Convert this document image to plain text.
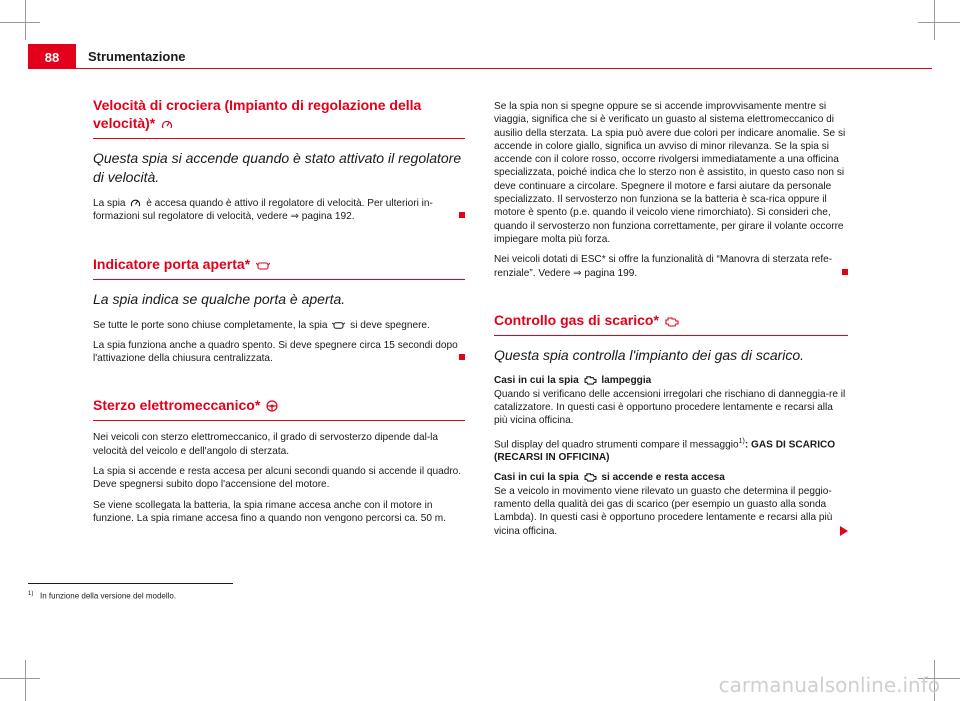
88	Strumentazione
Velocità di crociera (Impianto di regolazione della velocità)*
Questa spia si accende quando è stato attivato il regolatore di velocità.

La spia è accesa quando è attivo il regolatore di velocità. Per ulteriori in-formazioni sul regolatore di velocità, vedere ⇒ pagina 192.

Indicatore porta aperta*
La spia indica se qualche porta è aperta.

Se tutte le porte sono chiuse completamente, la spia si deve spegnere.

La spia funziona anche a quadro spento. Si deve spegnere circa 15 secondi dopo l'attivazione della chiusura centralizzata.

Sterzo elettromeccanico*

Nei veicoli con sterzo elettromeccanico, il grado di servosterzo dipende dal-la velocità del veicolo e dell'angolo di sterzata.

La spia si accende e resta accesa per alcuni secondi quando si accende il quadro. Deve spegnersi subito dopo l'accensione del motore.

Se viene scollegata la batteria, la spia rimane accesa anche con il motore in funzione. La spia rimane accesa fino a quando non vengono percorsi ca. 50 m.

Se la spia non si spegne oppure se si accende improvvisamente mentre si viaggia, significa che si è verificato un guasto al sistema elettromeccanico di ausilio della sterzata. La spia può avere due colori per indicare anomalie. Se si accende in colore giallo, significa un avviso di minor rilevanza. Se la spia si accende con il colore rosso, occorre rivolgersi immediatamente a una officina specializzata, poiché indica che lo sterzo non è assistito, in questo caso non si deve continuare a circolare. Spegnere il motore e farsi aiutare da personale specializzato. Il servosterzo non funziona se la batteria è sca-rica oppure il motore è spento (p.e. quando il veicolo viene rimorchiato). Si consideri che, quando il servosterzo non funziona correttamente, per girare il volante occorre impiegare molta più forza.

Nei veicoli dotati di ESC* si offre la funzionalità di “Manovra di sterzata refe-renziale”. Vedere ⇒ pagina 199.

Controllo gas di scarico*
Questa spia controlla l'impianto dei gas di scarico.
Casi in cui la spia lampeggia

Quando si verificano delle accensioni irregolari che rischiano di danneggia-re il catalizzatore. In questi casi è opportuno procedere lentamente e recarsi alla più vicina officina.

Sul display del quadro strumenti compare il messaggio$^{1)}$: GAS DI SCARICO (RECARSI IN OFFICINA)

Casi in cui la spia si accende e resta accesa

Se a veicolo in movimento viene rilevato un guasto che determina il peggio-ramento della qualità dei gas di scarico (per esempio un guasto alla sonda Lambda). In questi casi è opportuno procedere lentamente e recarsi alla più vicina officina.

$^{1)}$ In funzione della versione del modello.
carmanualsonline.info
